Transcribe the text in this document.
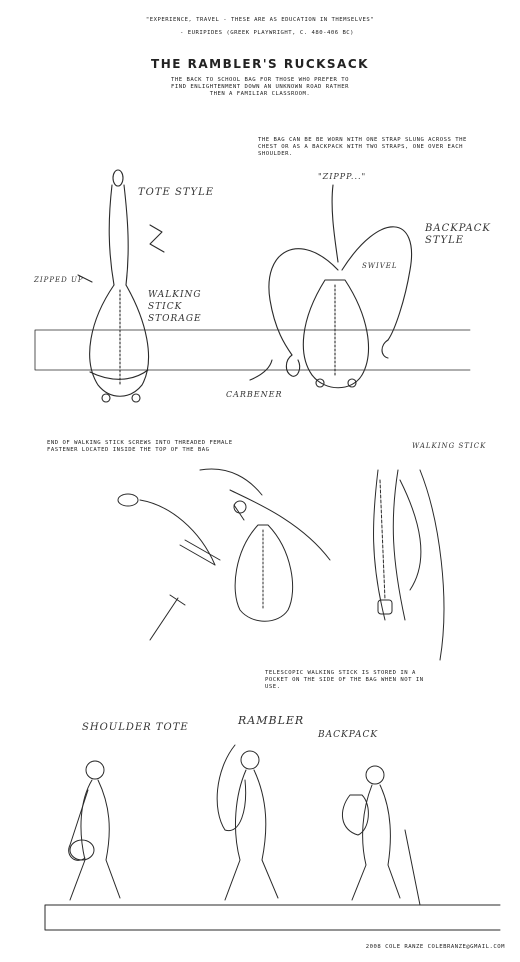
"EXPERIENCE, TRAVEL - THESE ARE AS EDUCATION IN THEMSELVES"
- EURIPIDES (GREEK PLAYWRIGHT, C. 480-406 BC)
THE RAMBLER'S RUCKSACK
THE BACK TO SCHOOL BAG FOR THOSE WHO PREFER TO FIND ENLIGHTENMENT DOWN AN UNKNOWN ROAD RATHER THEN A FAMILIAR CLASSROOM.
TOTE STYLE
ZIPPED UP
WALKING STICK STORAGE
THE BAG CAN BE BE WORN WITH ONE STRAP SLUNG ACROSS THE CHEST OR AS A BACKPACK WITH TWO STRAPS, ONE OVER EACH SHOULDER.
"ZIPPP..."
SWIVEL
BACKPACK STYLE
CARBENER
END OF WALKING STICK SCREWS INTO THREADED FEMALE FASTENER LOCATED INSIDE THE TOP OF THE BAG	WALKING STICK
TELESCOPIC WALKING STICK IS STORED IN A POCKET ON THE SIDE OF THE BAG WHEN NOT IN USE.
SHOULDER TOTE
RAMBLER
BACKPACK
2008 COLE RANZE COLEBRANZE@GMAIL.COM
